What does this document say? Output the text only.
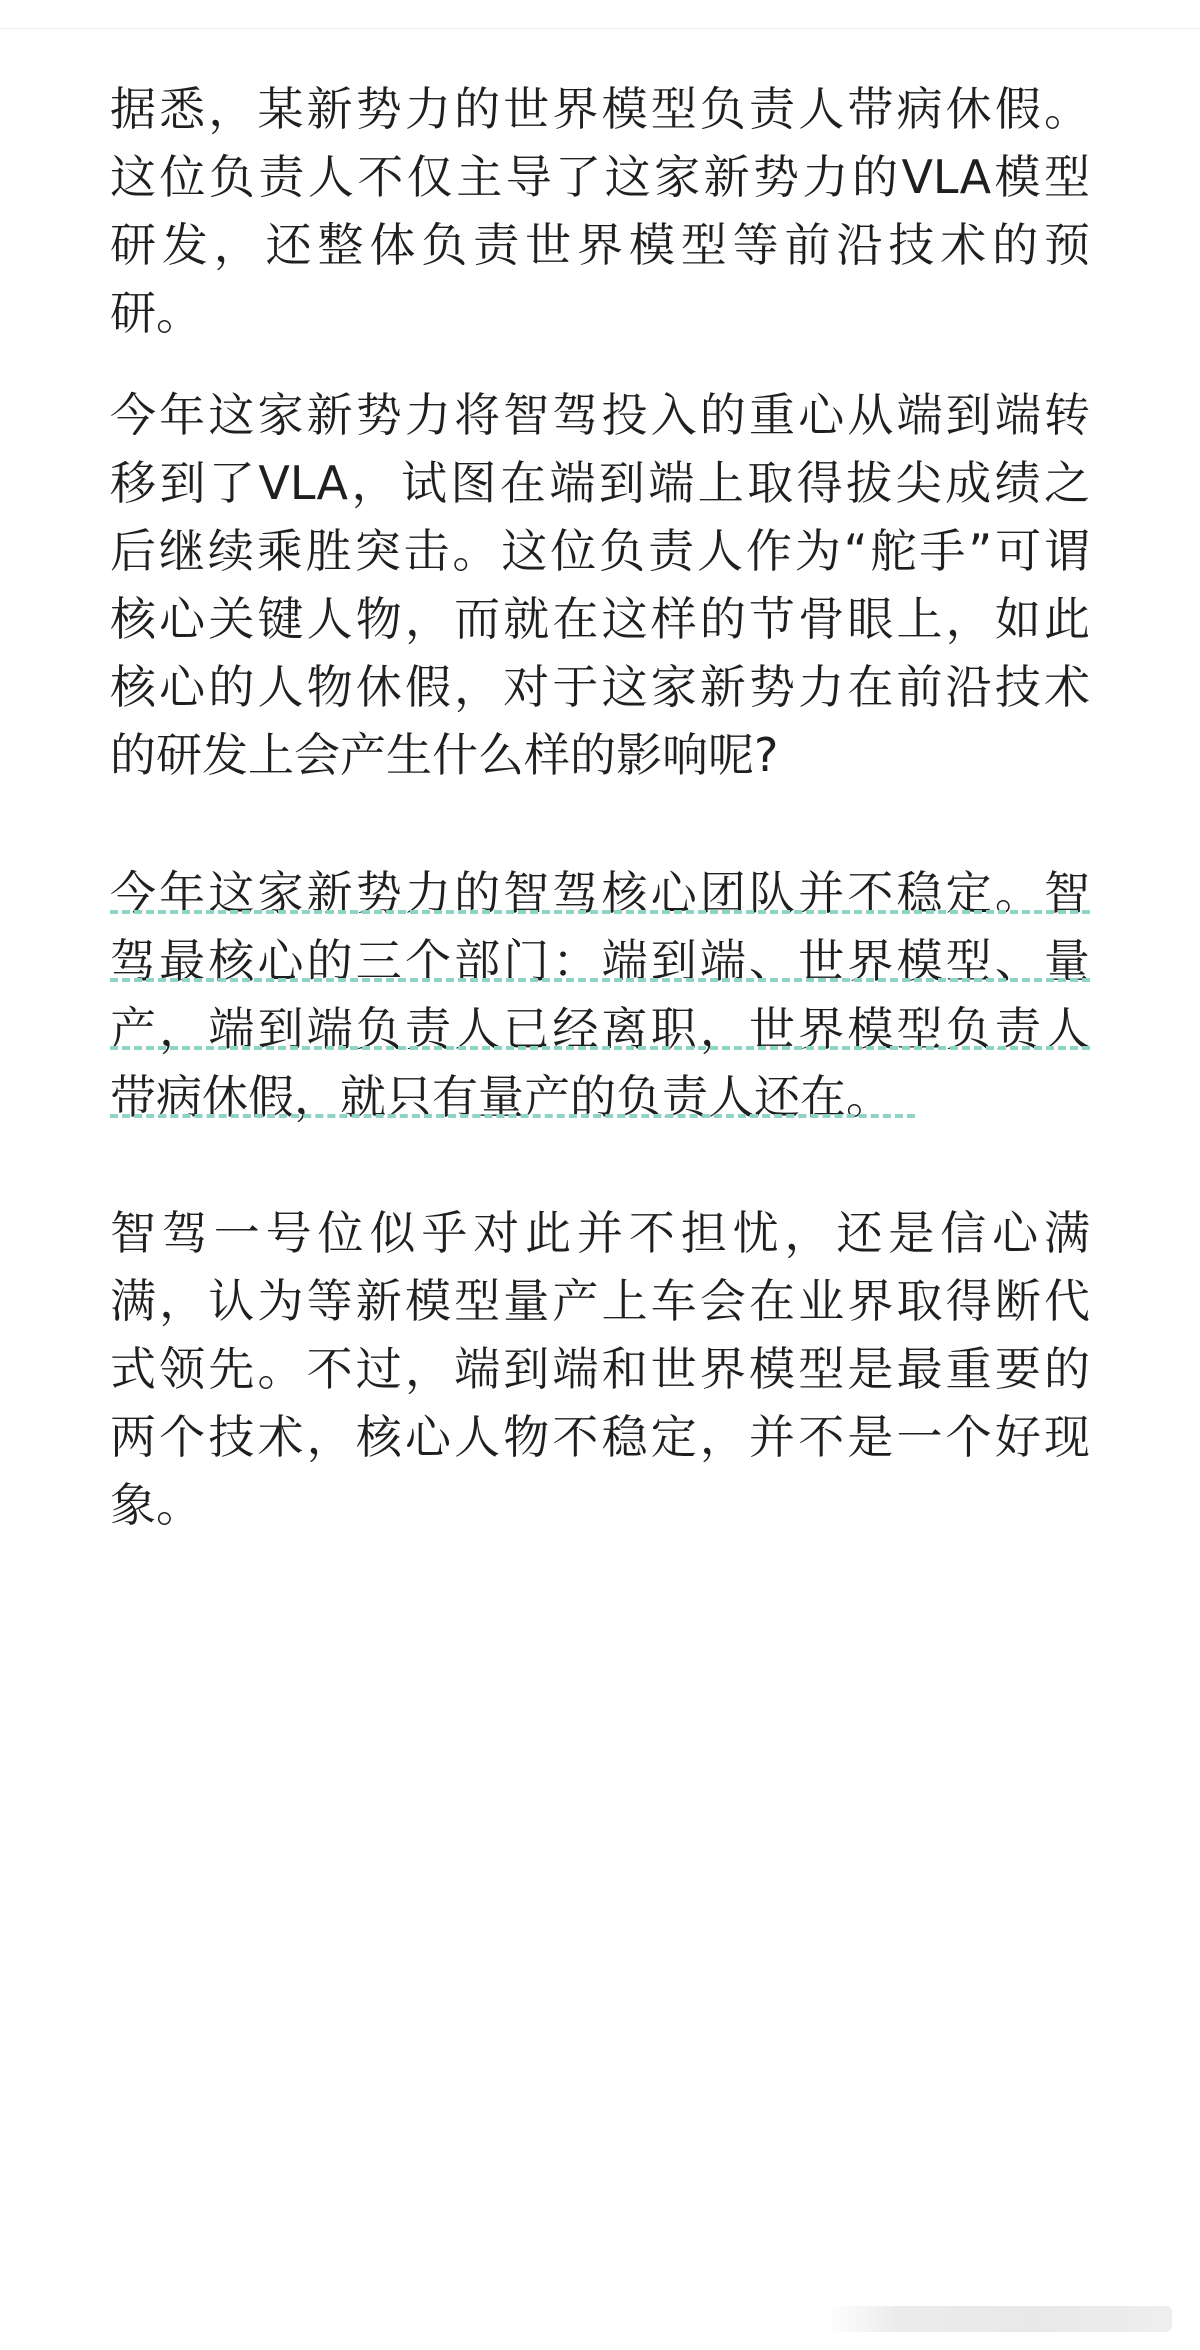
据悉，某新势力的世界模型负责人带病休假。
这位负责人不仅主导了这家新势力的VLA模型
研发，还整体负责世界模型等前沿技术的预
研。
今年这家新势力将智驾投入的重心从端到端转
移到了VLA，试图在端到端上取得拔尖成绩之
后继续乘胜突击。这位负责人作为“舵手”可谓
核心关键人物，而就在这样的节骨眼上，如此
核心的人物休假，对于这家新势力在前沿技术
的研发上会产生什么样的影响呢?
今年这家新势力的智驾核心团队并不稳定。智
驾最核心的三个部门：端到端、世界模型、量
产，端到端负责人已经离职，世界模型负责人
带病休假，就只有量产的负责人还在。
智驾一号位似乎对此并不担忧，还是信心满
满，认为等新模型量产上车会在业界取得断代
式领先。不过，端到端和世界模型是最重要的
两个技术，核心人物不稳定，并不是一个好现
象。
